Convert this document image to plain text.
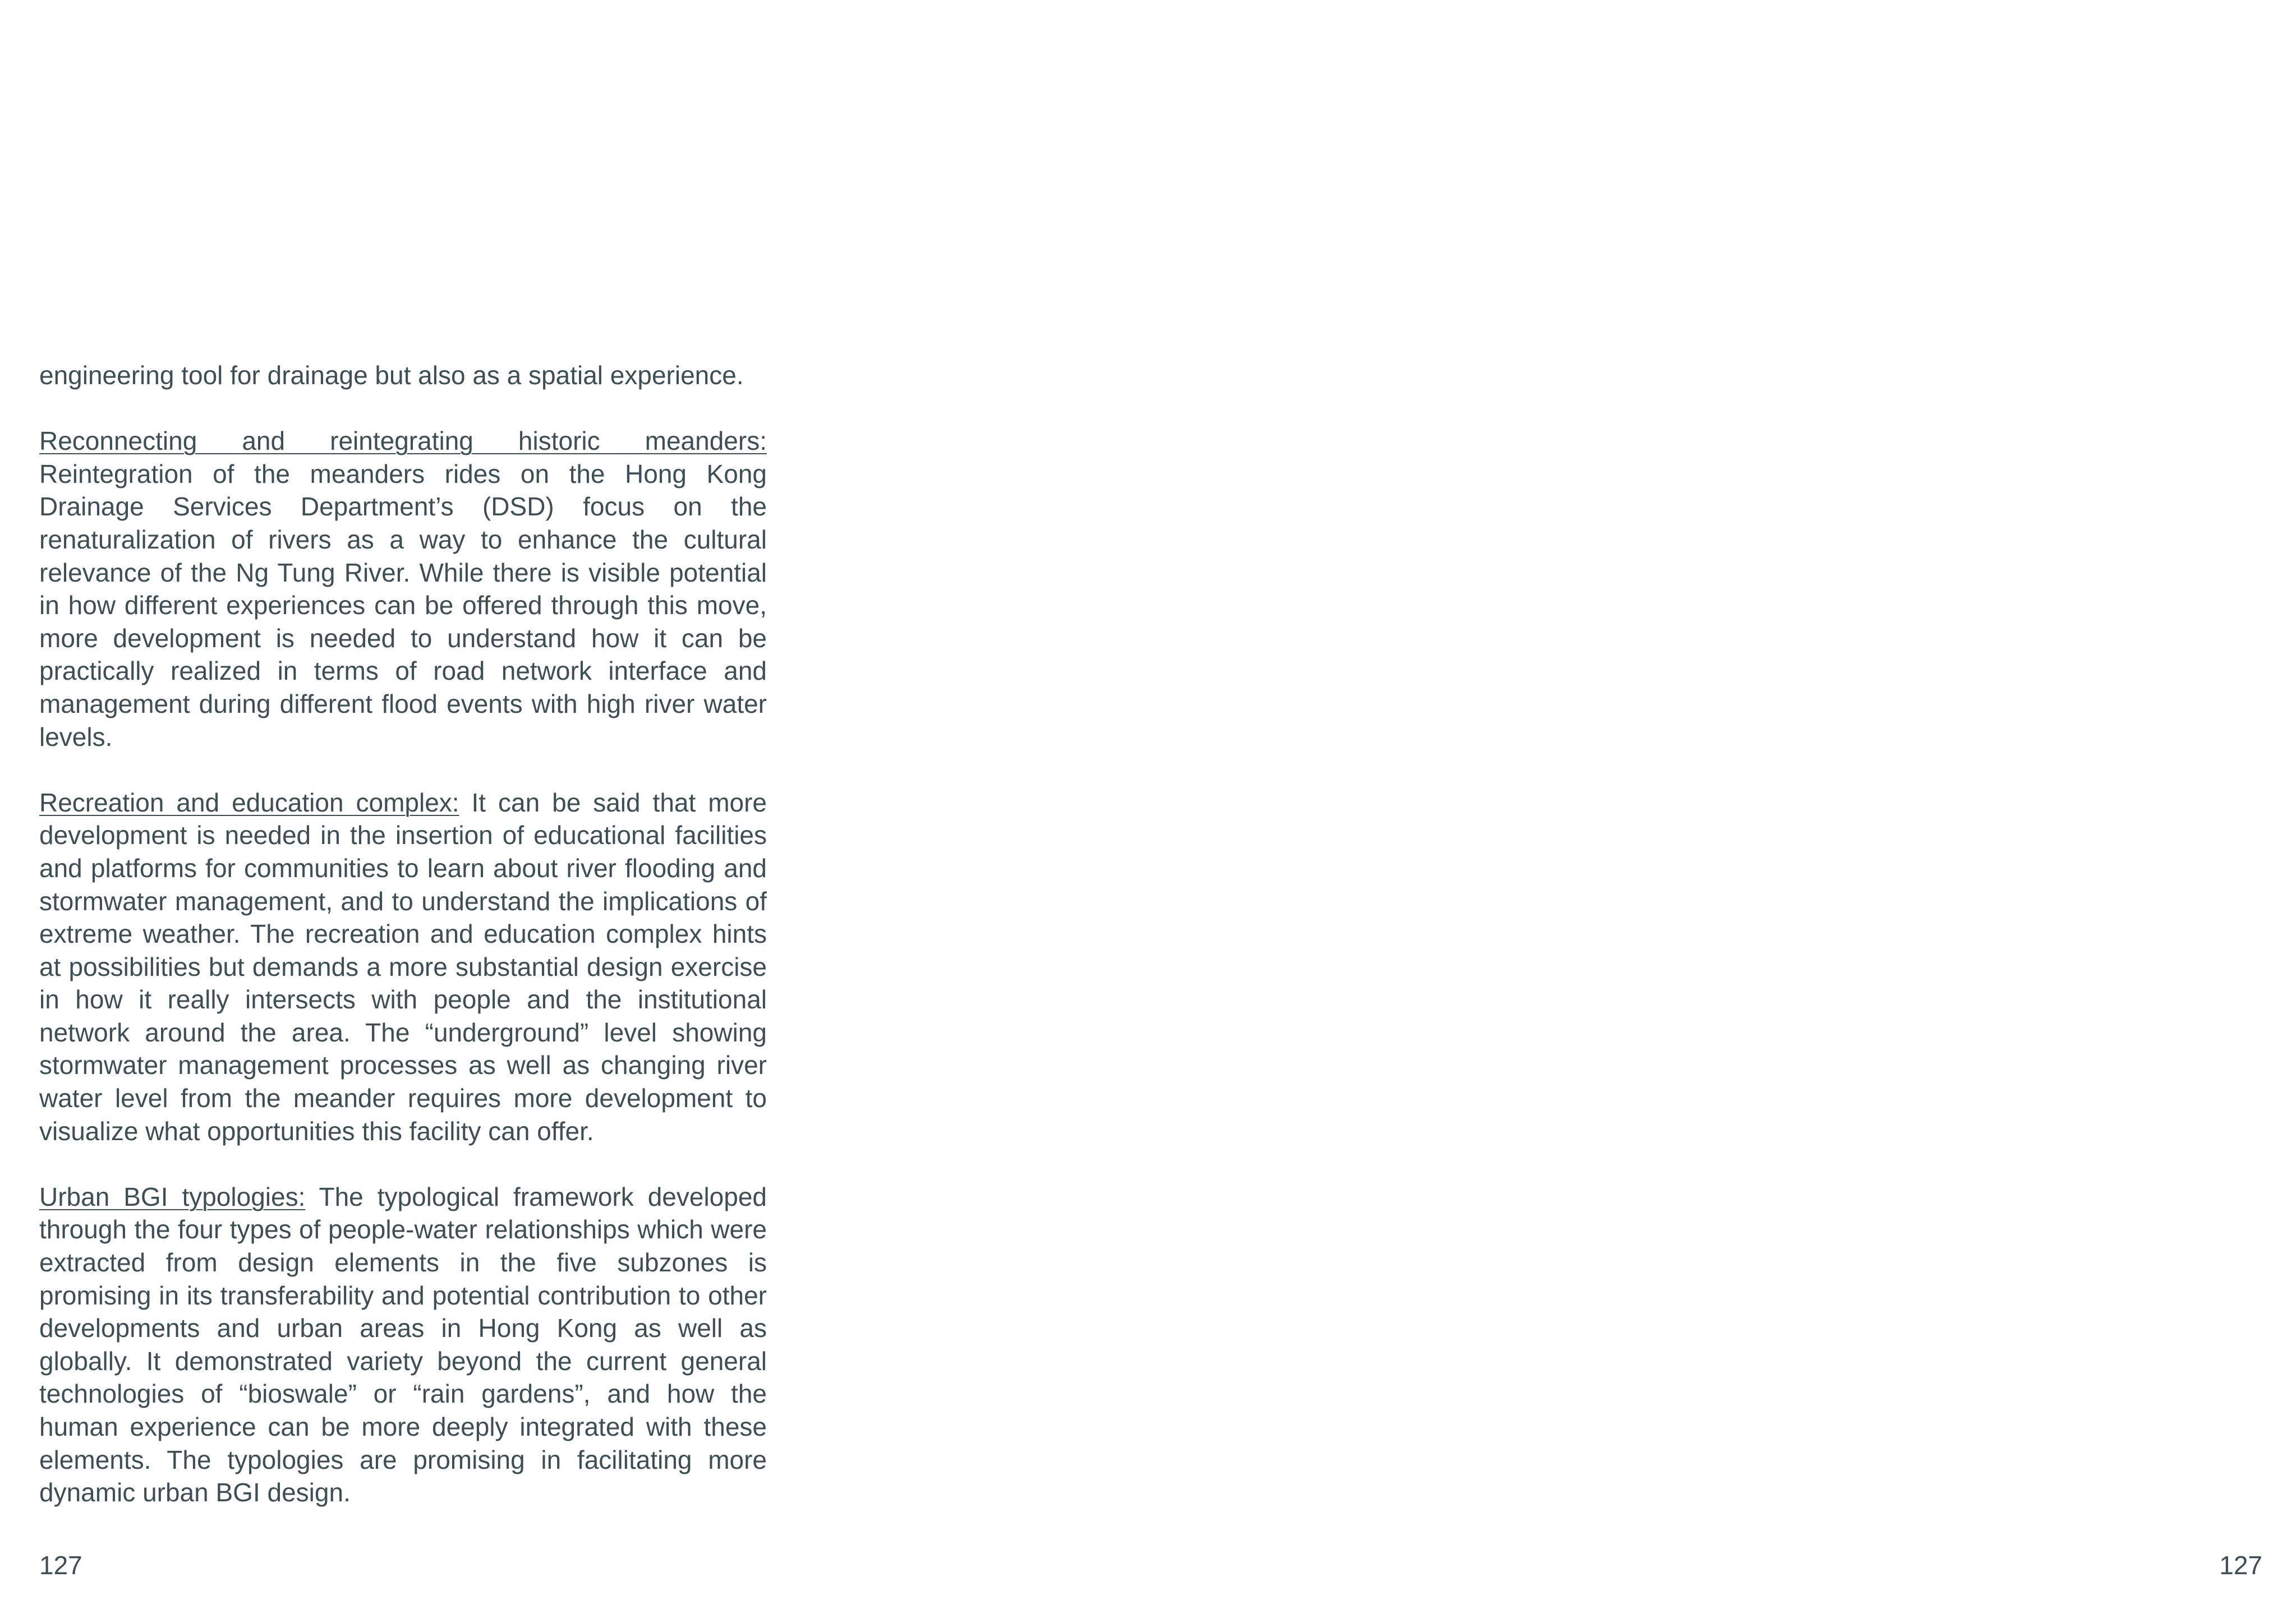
engineering tool for drainage but also as a spatial experience.

Reconnecting and reintegrating historic meanders: Reintegration of the meanders rides on the Hong Kong Drainage Services Department’s (DSD) focus on the renaturalization of rivers as a way to enhance the cultural relevance of the Ng Tung River. While there is visible potential in how different experiences can be offered through this move, more development is needed to understand how it can be practically realized in terms of road network interface and management during different flood events with high river water levels.

Recreation and education complex: It can be said that more development is needed in the insertion of educational facilities and platforms for communities to learn about river flooding and stormwater management, and to understand the implications of extreme weather. The recreation and education complex hints at possibilities but demands a more substantial design exercise in how it really intersects with people and the institutional network around the area. The “underground” level showing stormwater management processes as well as changing river water level from the meander requires more development to visualize what opportunities this facility can offer.

Urban BGI typologies: The typological framework developed through the four types of people-water relationships which were extracted from design elements in the five subzones is promising in its transferability and potential contribution to other developments and urban areas in Hong Kong as well as globally. It demonstrated variety beyond the current general technologies of “bioswale” or “rain gardens”, and how the human experience can be more deeply integrated with these elements. The typologies are promising in facilitating more dynamic urban BGI design.

127	127
